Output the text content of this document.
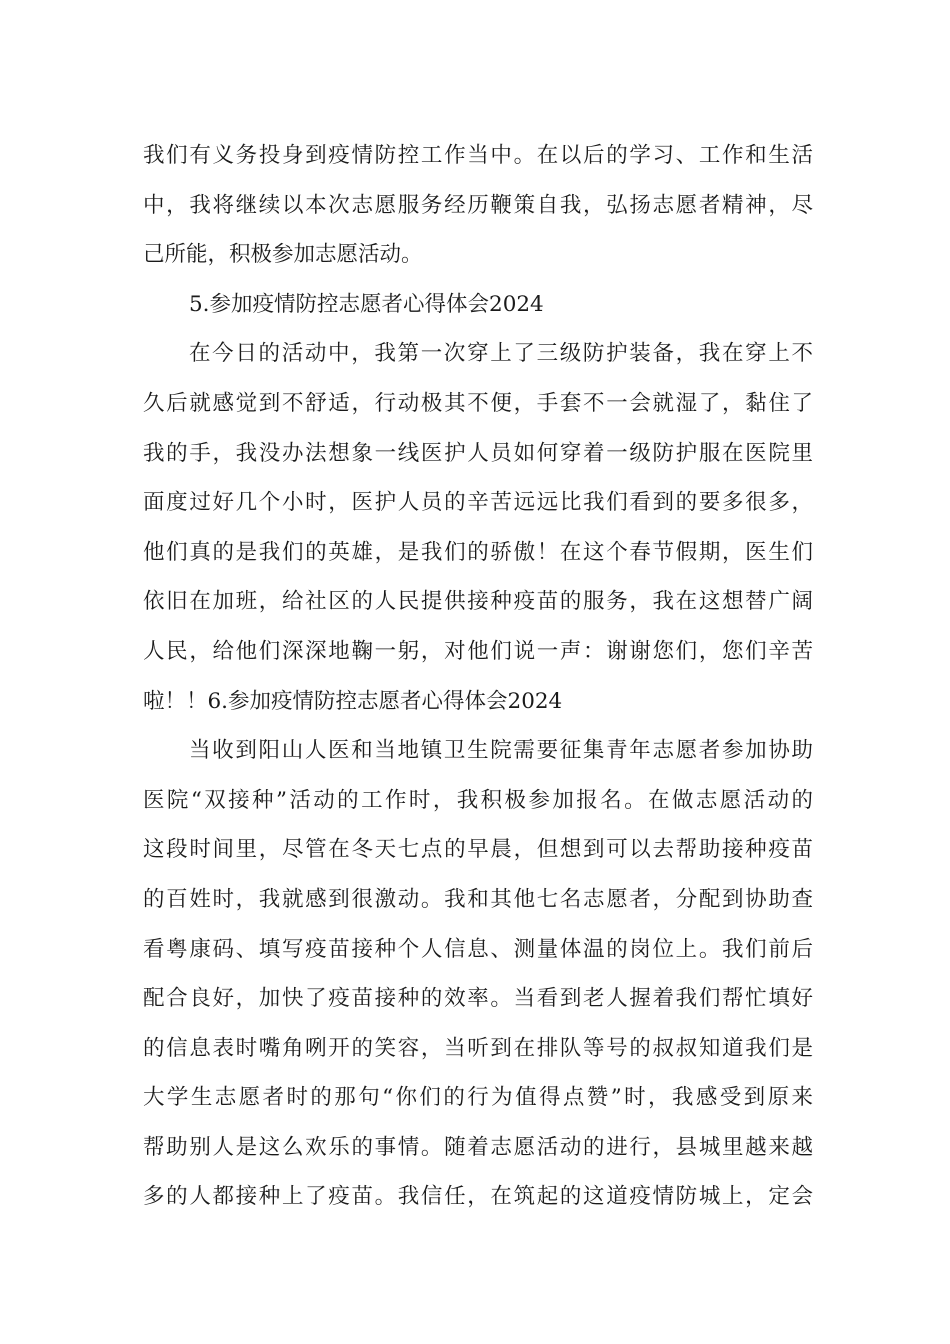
我们有义务投身到疫情防控工作当中。在以后的学习、工作和生活
中，我将继续以本次志愿服务经历鞭策自我，弘扬志愿者精神，尽
己所能，积极参加志愿活动。
5.参加疫情防控志愿者心得体会2024
在今日的活动中，我第一次穿上了三级防护装备，我在穿上不
久后就感觉到不舒适，行动极其不便，手套不一会就湿了，黏住了
我的手，我没办法想象一线医护人员如何穿着一级防护服在医院里
面度过好几个小时，医护人员的辛苦远远比我们看到的要多很多，
他们真的是我们的英雄，是我们的骄傲！在这个春节假期，医生们
依旧在加班，给社区的人民提供接种疫苗的服务，我在这想替广阔
人民，给他们深深地鞠一躬，对他们说一声：谢谢您们，您们辛苦
啦！！6.参加疫情防控志愿者心得体会2024
当收到阳山人医和当地镇卫生院需要征集青年志愿者参加协助
医院“双接种”活动的工作时，我积极参加报名。在做志愿活动的
这段时间里，尽管在冬天七点的早晨，但想到可以去帮助接种疫苗
的百姓时，我就感到很激动。我和其他七名志愿者，分配到协助查
看粤康码、填写疫苗接种个人信息、测量体温的岗位上。我们前后
配合良好，加快了疫苗接种的效率。当看到老人握着我们帮忙填好
的信息表时嘴角咧开的笑容，当听到在排队等号的叔叔知道我们是
大学生志愿者时的那句“你们的行为值得点赞”时，我感受到原来
帮助别人是这么欢乐的事情。随着志愿活动的进行，县城里越来越
多的人都接种上了疫苗。我信任，在筑起的这道疫情防城上，定会
